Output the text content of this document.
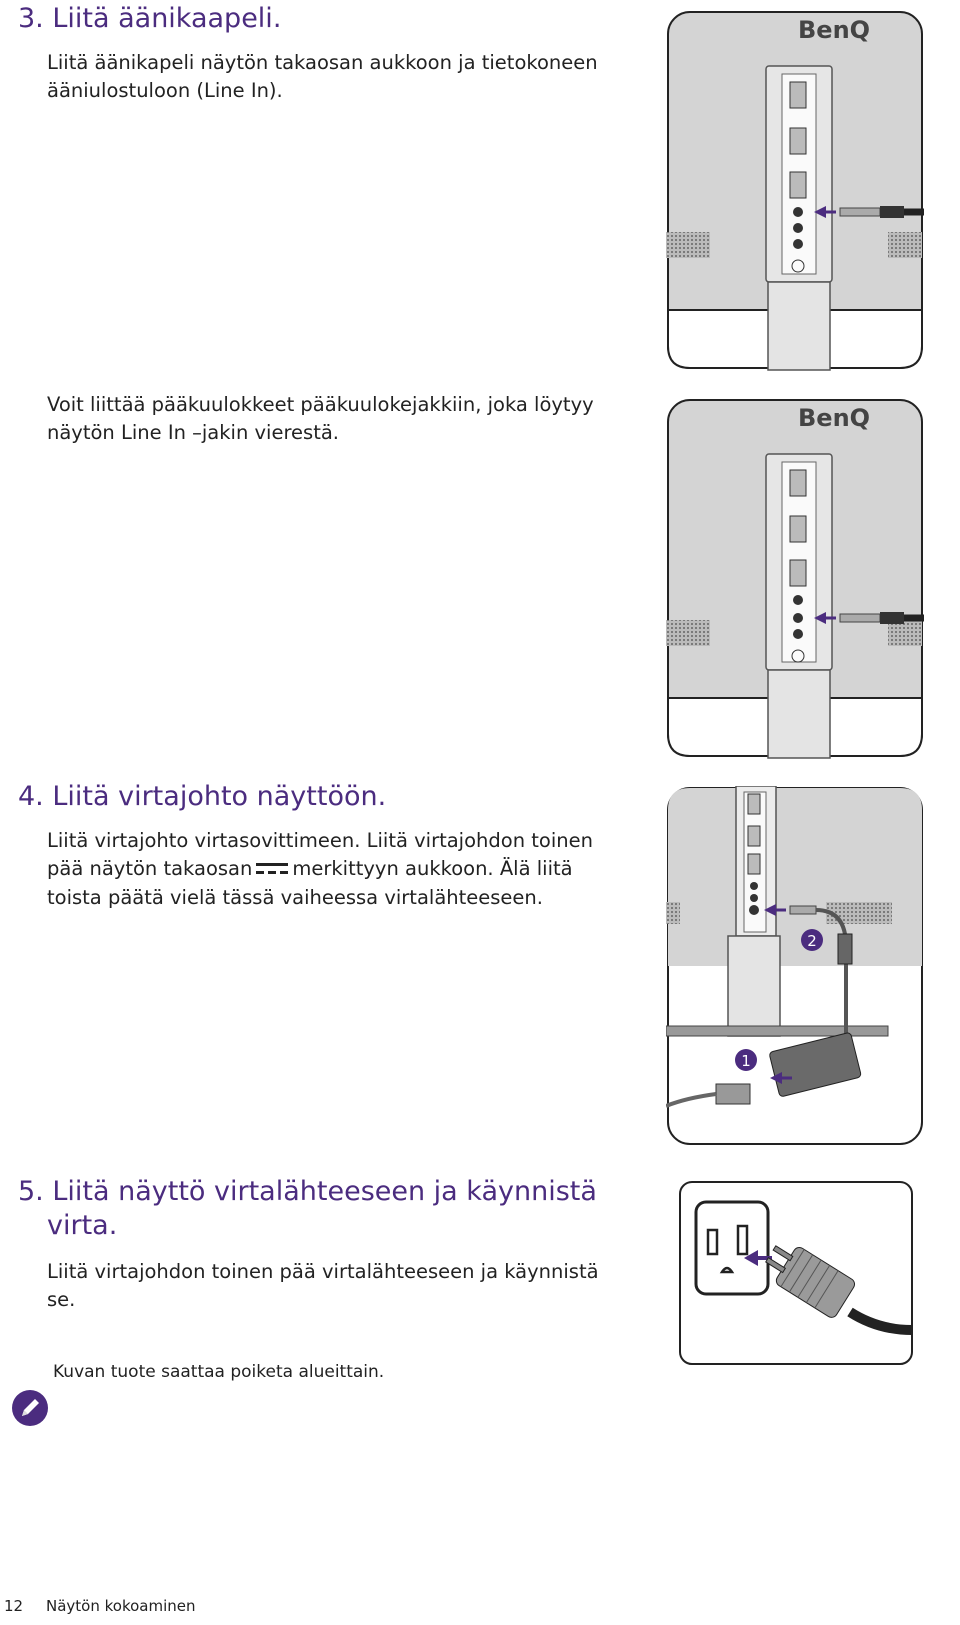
3. Liitä äänikaapeli.

Liitä äänikapeli näytön takaosan aukkoon ja tietokoneen ääniulostuloon (Line In).

Voit liittää pääkuulokkeet pääkuulokejakkiin, joka löytyy näytön Line In –jakin vierestä.

BenQ
BenQ
4. Liitä virtajohto näyttöön.

Liitä virtajohto virtasovittimeen. Liitä virtajohdon toinen pää näytön takaosan merkittyyn aukkoon. Älä liitä toista päätä vielä tässä vaiheessa virtalähteeseen.

1
2
5. Liitä näyttö virtalähteeseen ja käynnistä
virta.

Liitä virtajohdon toinen pää virtalähteeseen ja käynnistä se.

Kuvan tuote saattaa poiketa alueittain.

12 Näytön kokoaminen
